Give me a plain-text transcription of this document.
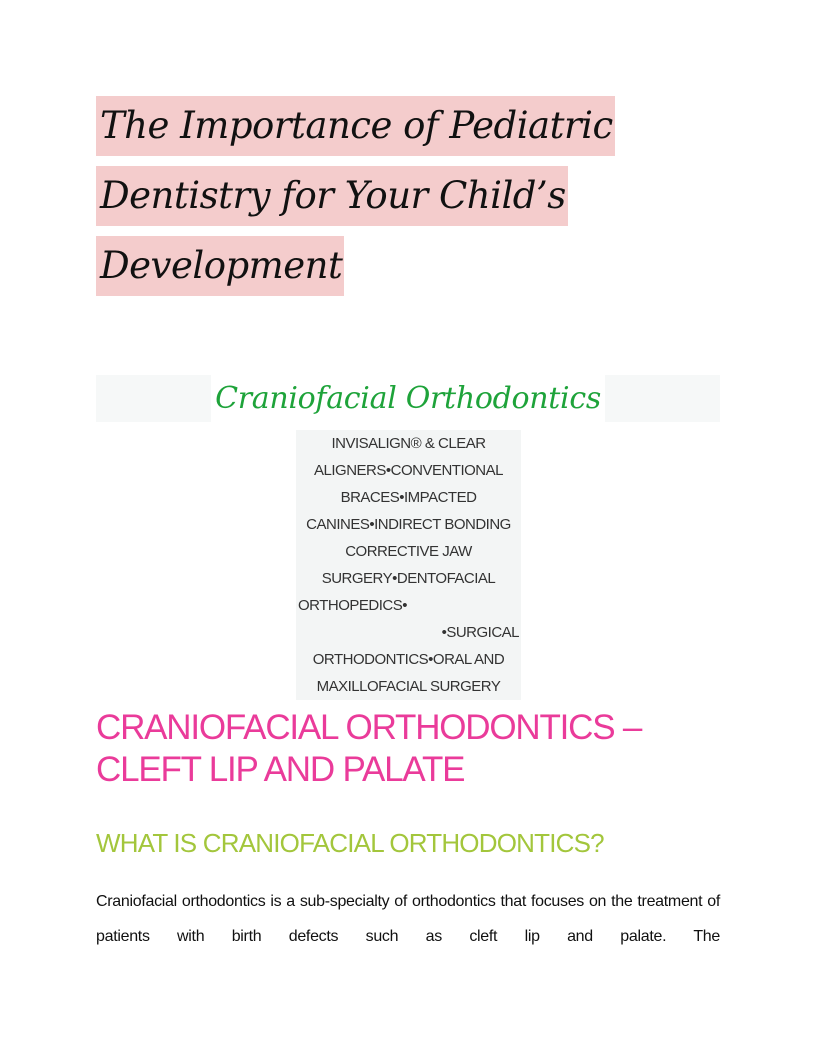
The Importance of Pediatric
Dentistry for Your Child’s
Development
Craniofacial Orthodontics
INVISALIGN® & CLEAR
ALIGNERS•CONVENTIONAL
BRACES•IMPACTED
CANINES•INDIRECT BONDING
CORRECTIVE JAW
SURGERY•DENTOFACIAL
ORTHOPEDICS•
•SURGICAL
ORTHODONTICS•ORAL AND
MAXILLOFACIAL SURGERY
CRANIOFACIAL ORTHODONTICS – CLEFT LIP AND PALATE
WHAT IS CRANIOFACIAL ORTHODONTICS?

Craniofacial orthodontics is a sub-specialty of orthodontics that focuses on the treatment of patients with birth defects such as cleft lip and palate. The
